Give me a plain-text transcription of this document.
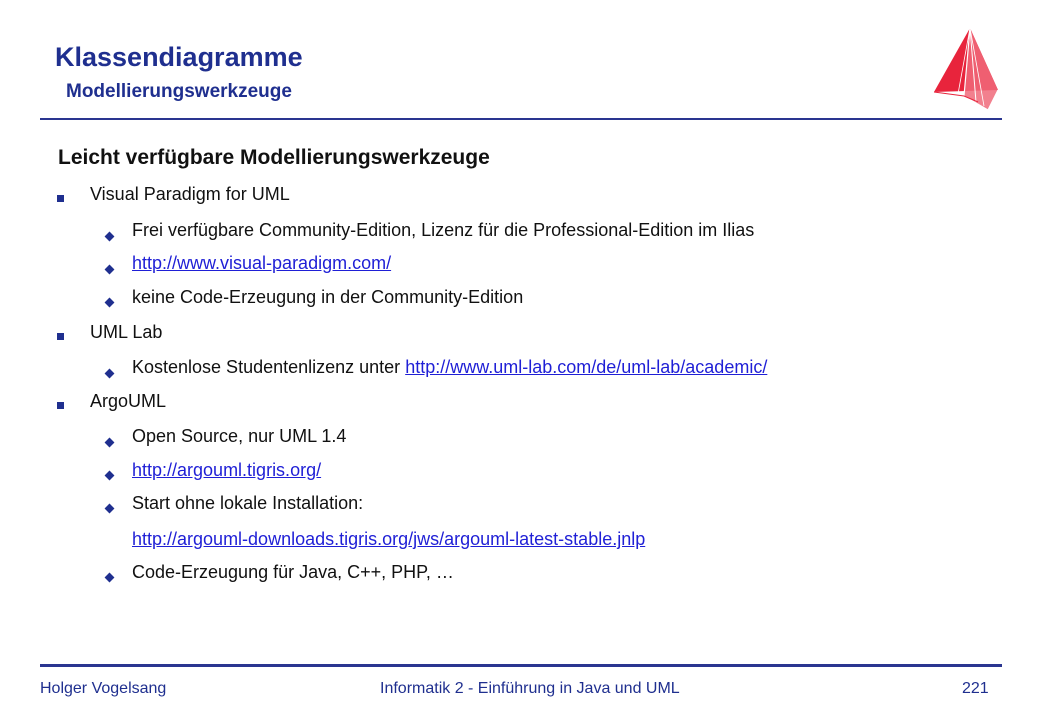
Klassendiagramme
Modellierungswerkzeuge
Leicht verfügbare Modellierungswerkzeuge
Visual Paradigm for UML
Frei verfügbare Community-Edition, Lizenz für die Professional-Edition im Ilias
http://www.visual-paradigm.com/
keine Code-Erzeugung in der Community-Edition
UML Lab
Kostenlose Studentenlizenz unter http://www.uml-lab.com/de/uml-lab/academic/
ArgoUML
Open Source, nur UML 1.4
http://argouml.tigris.org/
Start ohne lokale Installation:
http://argouml-downloads.tigris.org/jws/argouml-latest-stable.jnlp
Code-Erzeugung für Java, C++, PHP, …
Holger Vogelsang	Informatik 2 - Einführung in Java und UML	221
